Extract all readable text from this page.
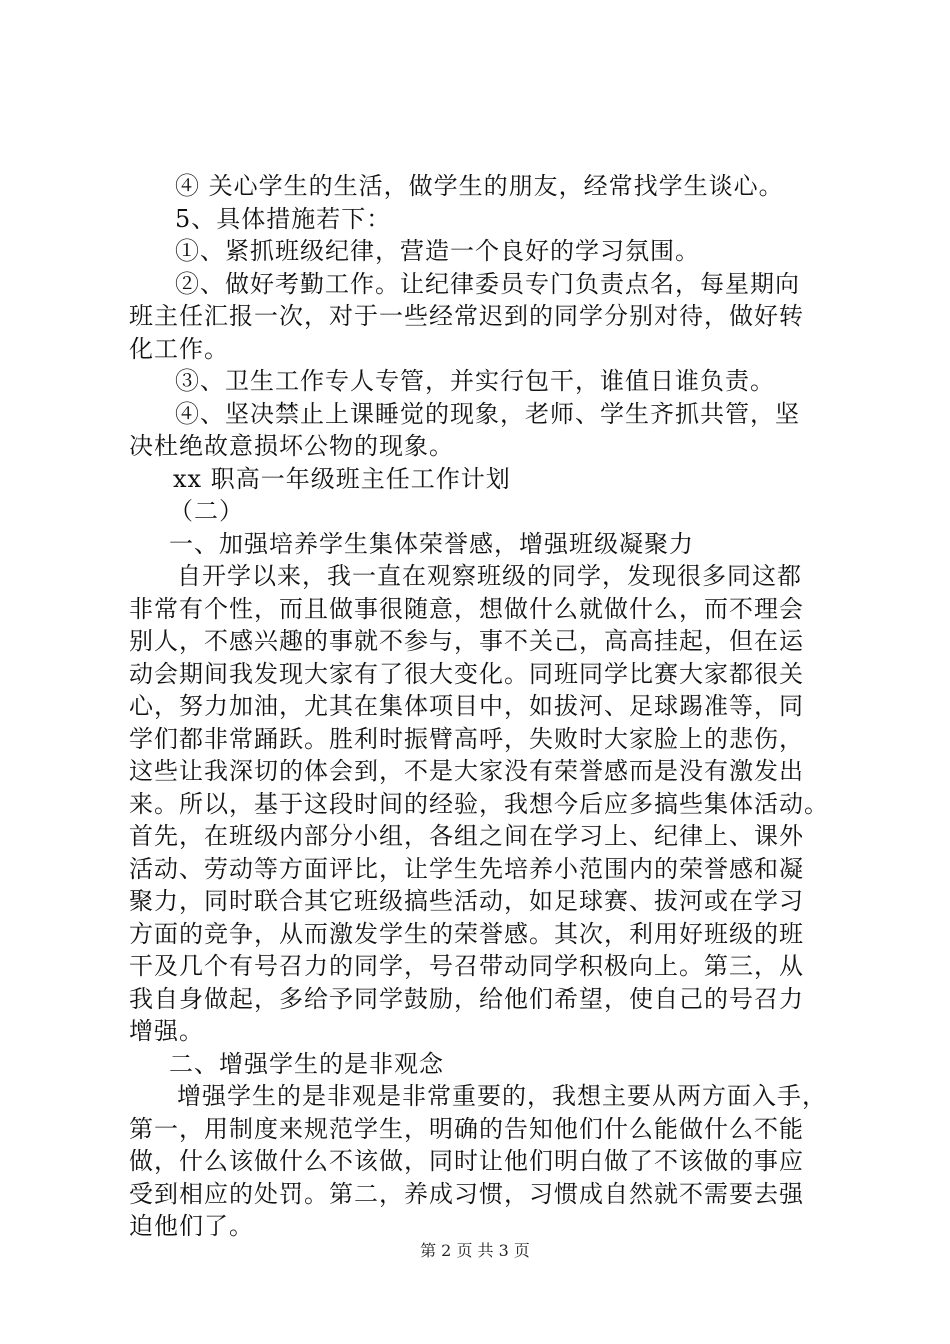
④ 关心学生的生活，做学生的朋友，经常找学生谈心。
5、具体措施若下：
①、紧抓班级纪律，营造一个良好的学习氛围。
②、做好考勤工作。让纪律委员专门负责点名，每星期向
班主任汇报一次，对于一些经常迟到的同学分别对待，做好转
化工作。
③、卫生工作专人专管，并实行包干，谁值日谁负责。
④、坚决禁止上课睡觉的现象，老师、学生齐抓共管，坚
决杜绝故意损坏公物的现象。
xx 职高一年级班主任工作计划
（二）
一、加强培养学生集体荣誉感，增强班级凝聚力
自开学以来，我一直在观察班级的同学，发现很多同这都
非常有个性，而且做事很随意，想做什么就做什么，而不理会
别人，不感兴趣的事就不参与，事不关己，高高挂起，但在运
动会期间我发现大家有了很大变化。同班同学比赛大家都很关
心，努力加油，尤其在集体项目中，如拔河、足球踢准等，同
学们都非常踊跃。胜利时振臂高呼，失败时大家脸上的悲伤，
这些让我深切的体会到，不是大家没有荣誉感而是没有激发出
来。所以，基于这段时间的经验，我想今后应多搞些集体活动。
首先，在班级内部分小组，各组之间在学习上、纪律上、课外
活动、劳动等方面评比，让学生先培养小范围内的荣誉感和凝
聚力，同时联合其它班级搞些活动，如足球赛、拔河或在学习
方面的竞争，从而激发学生的荣誉感。其次，利用好班级的班
干及几个有号召力的同学，号召带动同学积极向上。第三，从
我自身做起，多给予同学鼓励，给他们希望，使自己的号召力
增强。
二、增强学生的是非观念
增强学生的是非观是非常重要的，我想主要从两方面入手，
第一，用制度来规范学生，明确的告知他们什么能做什么不能
做，什么该做什么不该做，同时让他们明白做了不该做的事应
受到相应的处罚。第二，养成习惯，习惯成自然就不需要去强
迫他们了。
第 2 页 共 3 页
